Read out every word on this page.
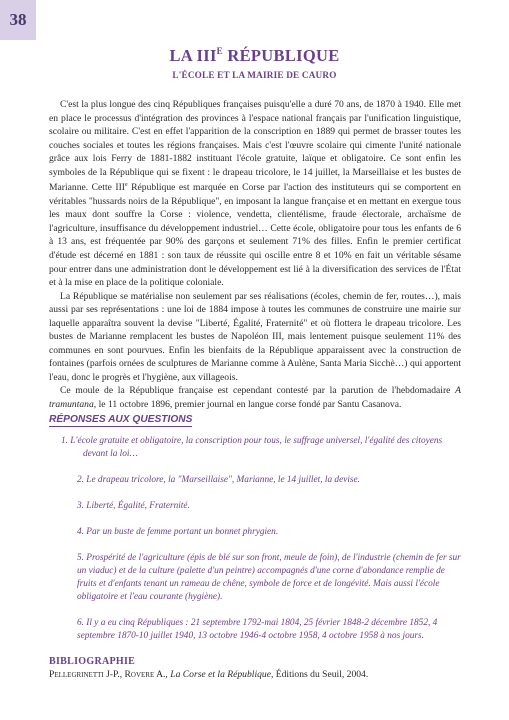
38
LA $III^E$ RÉPUBLIQUE
L'ÉCOLE ET LA MAIRIE DE CAURO

C'est la plus longue des cinq Républiques françaises puisqu'elle a duré 70 ans, de 1870 à 1940. Elle met en place le processus d'intégration des provinces à l'espace national français par l'unification linguistique, scolaire ou militaire. C'est en effet l'apparition de la conscription en 1889 qui permet de brasser toutes les couches sociales et toutes les régions françaises. Mais c'est l'œuvre scolaire qui cimente l'unité nationale grâce aux lois Ferry de 1881-1882 instituant l'école gratuite, laïque et obligatoire. Ce sont enfin les symboles de la République qui se fixent : le drapeau tricolore, le 14 juillet, la Marseillaise et les bustes de Marianne. Cette IIIe République est marquée en Corse par l'action des instituteurs qui se comportent en véritables "hussards noirs de la République", en imposant la langue française et en mettant en exergue tous les maux dont souffre la Corse : violence, vendetta, clientélisme, fraude électorale, archaïsme de l'agriculture, insuffisance du développement industriel… Cette école, obligatoire pour tous les enfants de 6 à 13 ans, est fréquentée par 90% des garçons et seulement 71% des filles. Enfin le premier certificat d'étude est décerné en 1881 : son taux de réussite qui oscille entre 8 et 10% en fait un véritable sésame pour entrer dans une administration dont le développement est lié à la diversification des services de l'État et à la mise en place de la politique coloniale.

La République se matérialise non seulement par ses réalisations (écoles, chemin de fer, routes…), mais aussi par ses représentations : une loi de 1884 impose à toutes les communes de construire une mairie sur laquelle apparaîtra souvent la devise "Liberté, Égalité, Fraternité" et où flottera le drapeau tricolore. Les bustes de Marianne remplacent les bustes de Napoléon III, mais lentement puisque seulement 11% des communes en sont pourvues. Enfin les bienfaits de la République apparaissent avec la construction de fontaines (parfois ornées de sculptures de Marianne comme à Aulène, Santa Maria Sicchè…) qui apportent l'eau, donc le progrès et l'hygiène, aux villageois.

Ce moule de la République française est cependant contesté par la parution de l'hebdomadaire A tramuntana, le 11 octobre 1896, premier journal en langue corse fondé par Santu Casanova.

RÉPONSES AUX QUESTIONS

1. L'école gratuite et obligatoire, la conscription pour tous, le suffrage universel, l'égalité des citoyens devant la loi…

2. Le drapeau tricolore, la "Marseillaise", Marianne, le 14 juillet, la devise.

3. Liberté, Égalité, Fraternité.

4. Par un buste de femme portant un bonnet phrygien.

5. Prospérité de l'agriculture (épis de blé sur son front, meule de foin), de l'industrie (chemin de fer sur un viaduc) et de la culture (palette d'un peintre) accompagnés d'une corne d'abondance remplie de fruits et d'enfants tenant un rameau de chêne, symbole de force et de longévité. Mais aussi l'école obligatoire et l'eau courante (hygiène).

6. Il y a eu cinq Républiques : 21 septembre 1792-mai 1804, 25 février 1848-2 décembre 1852, 4 septembre 1870-10 juillet 1940, 13 octobre 1946-4 octobre 1958, 4 octobre 1958 à nos jours.

BIBLIOGRAPHIE
Pellegrinetti J-P., Rovere A., La Corse et la République, Éditions du Seuil, 2004.
